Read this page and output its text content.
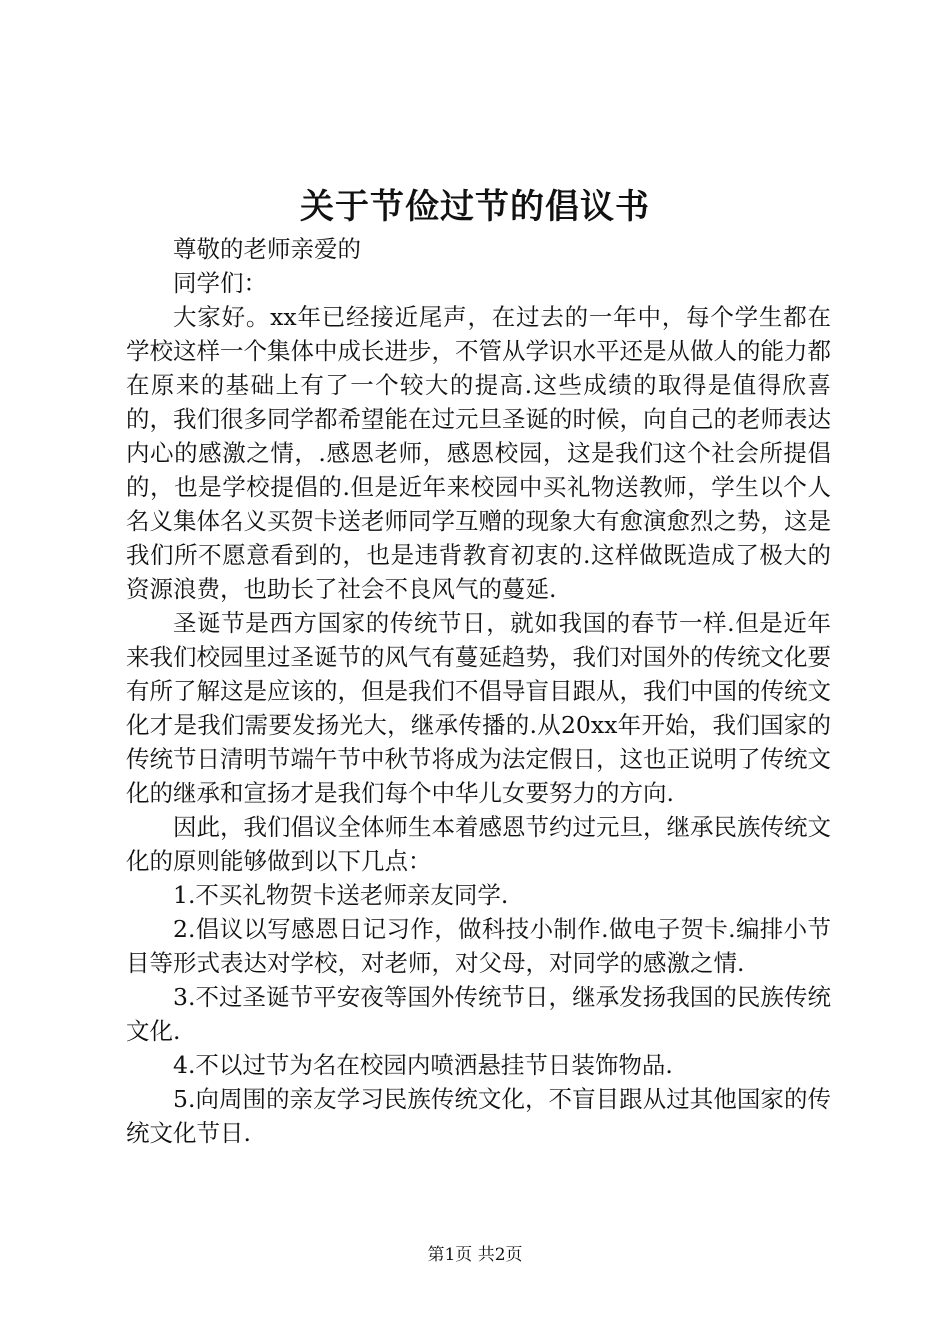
关于节俭过节的倡议书

尊敬的老师亲爱的

同学们：

大家好。xx年已经接近尾声，在过去的一年中，每个学生都在学校这样一个集体中成长进步，不管从学识水平还是从做人的能力都在原来的基础上有了一个较大的提高.这些成绩的取得是值得欣喜的，我们很多同学都希望能在过元旦圣诞的时候，向自己的老师表达内心的感激之情，.感恩老师，感恩校园，这是我们这个社会所提倡的，也是学校提倡的.但是近年来校园中买礼物送教师，学生以个人名义集体名义买贺卡送老师同学互赠的现象大有愈演愈烈之势，这是我们所不愿意看到的，也是违背教育初衷的.这样做既造成了极大的资源浪费，也助长了社会不良风气的蔓延.

圣诞节是西方国家的传统节日，就如我国的春节一样.但是近年来我们校园里过圣诞节的风气有蔓延趋势，我们对国外的传统文化要有所了解这是应该的，但是我们不倡导盲目跟从，我们中国的传统文化才是我们需要发扬光大，继承传播的.从20xx年开始，我们国家的传统节日清明节端午节中秋节将成为法定假日，这也正说明了传统文化的继承和宣扬才是我们每个中华儿女要努力的方向.

因此，我们倡议全体师生本着感恩节约过元旦，继承民族传统文化的原则能够做到以下几点：

1.不买礼物贺卡送老师亲友同学.

2.倡议以写感恩日记习作，做科技小制作.做电子贺卡.编排小节目等形式表达对学校，对老师，对父母，对同学的感激之情.

3.不过圣诞节平安夜等国外传统节日，继承发扬我国的民族传统文化.

4.不以过节为名在校园内喷洒悬挂节日装饰物品.

5.向周围的亲友学习民族传统文化，不盲目跟从过其他国家的传统文化节日.

第1页 共2页
